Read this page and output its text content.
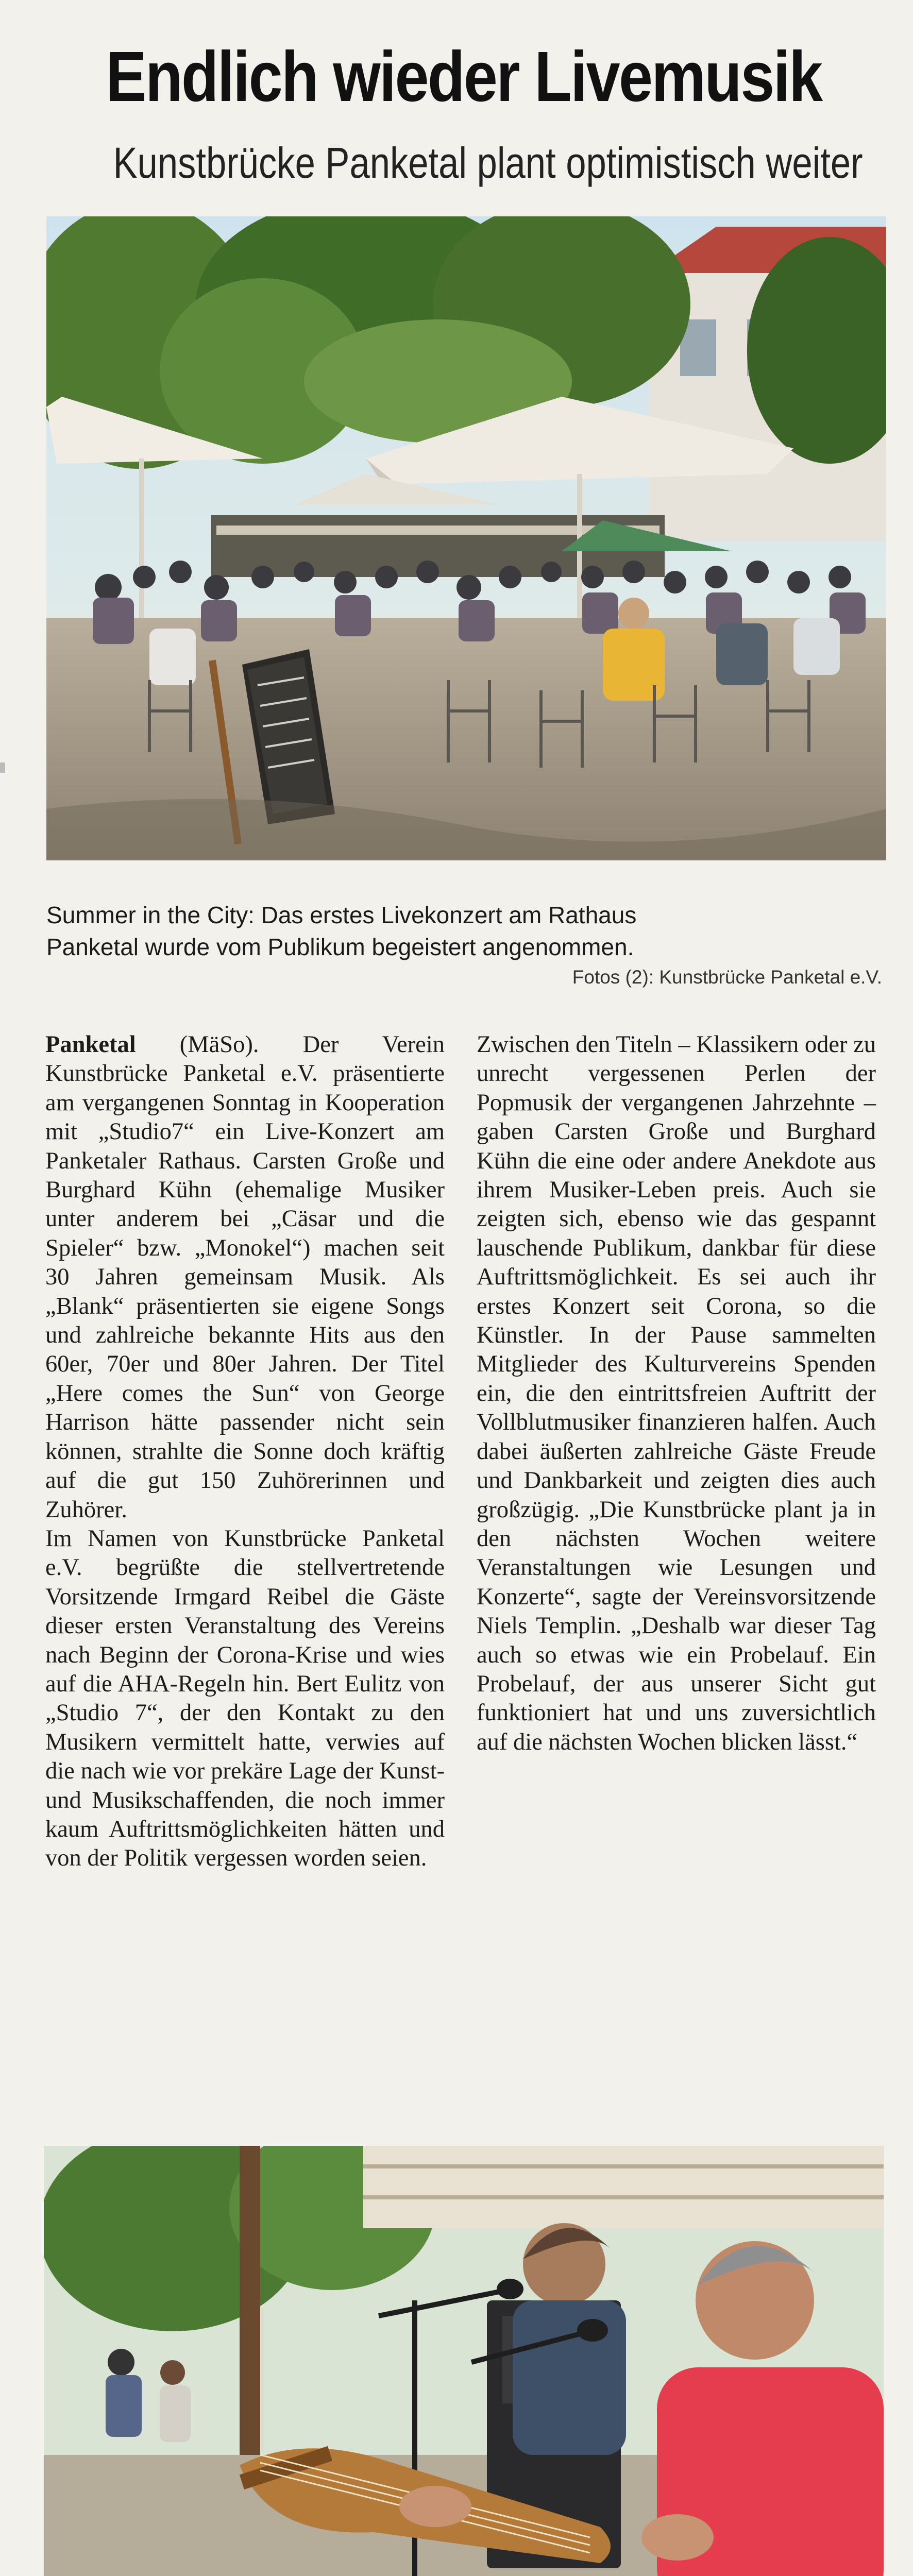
Endlich wieder Livemusik
Kunstbrücke Panketal plant optimistisch weiter
Summer in the City: Das erstes Livekonzert am Rathaus
Panketal wurde vom Publikum begeistert angenommen.
Fotos (2): Kunstbrücke Panketal e.V.

Panketal (MäSo). Der Verein Kunstbrücke Panketal e.V. präsentierte am vergangenen Sonntag in Kooperation mit „Studio7“ ein Live-Konzert am Panketaler Rathaus. Carsten Große und Burghard Kühn (ehemalige Musiker unter anderem bei „Cäsar und die Spieler“ bzw. „Monokel“) machen seit 30 Jahren gemeinsam Musik. Als „Blank“ präsentierten sie eigene Songs und zahlreiche bekannte Hits aus den 60er, 70er und 80er Jahren. Der Titel „Here comes the Sun“ von George Harrison hätte passender nicht sein können, strahlte die Sonne doch kräftig auf die gut 150 Zuhörerinnen und Zuhörer.

Im Namen von Kunstbrücke Panketal e.V. begrüßte die stellvertretende Vorsitzende Irmgard Reibel die Gäste dieser ersten Veranstaltung des Vereins nach Beginn der Corona-Krise und wies auf die AHA-Regeln hin. Bert Eulitz von „Studio 7“, der den Kontakt zu den Musikern vermittelt hatte, verwies auf die nach wie vor prekäre Lage der Kunst- und Musikschaffenden, die noch immer kaum Auftrittsmöglichkeiten hätten und von der Politik vergessen worden seien.

Zwischen den Titeln – Klassikern oder zu unrecht vergessenen Perlen der Popmusik der vergangenen Jahrzehnte – gaben Carsten Große und Burghard Kühn die eine oder andere Anekdote aus ihrem Musiker-Leben preis. Auch sie zeigten sich, ebenso wie das gespannt lauschende Publikum, dankbar für diese Auftrittsmöglichkeit. Es sei auch ihr erstes Konzert seit Corona, so die Künstler. In der Pause sammelten Mitglieder des Kulturvereins Spenden ein, die den eintrittsfreien Auftritt der Vollblutmusiker finanzieren halfen. Auch dabei äußerten zahlreiche Gäste Freude und Dankbarkeit und zeigten dies auch großzügig. „Die Kunstbrücke plant ja in den nächsten Wochen weitere Veranstaltungen wie Lesungen und Konzerte“, sagte der Vereinsvorsitzende Niels Templin. „Deshalb war dieser Tag auch so etwas wie ein Probelauf. Ein Probelauf, der aus unserer Sicht gut funktioniert hat und uns zuversichtlich auf die nächsten Wochen blicken lässt.“
